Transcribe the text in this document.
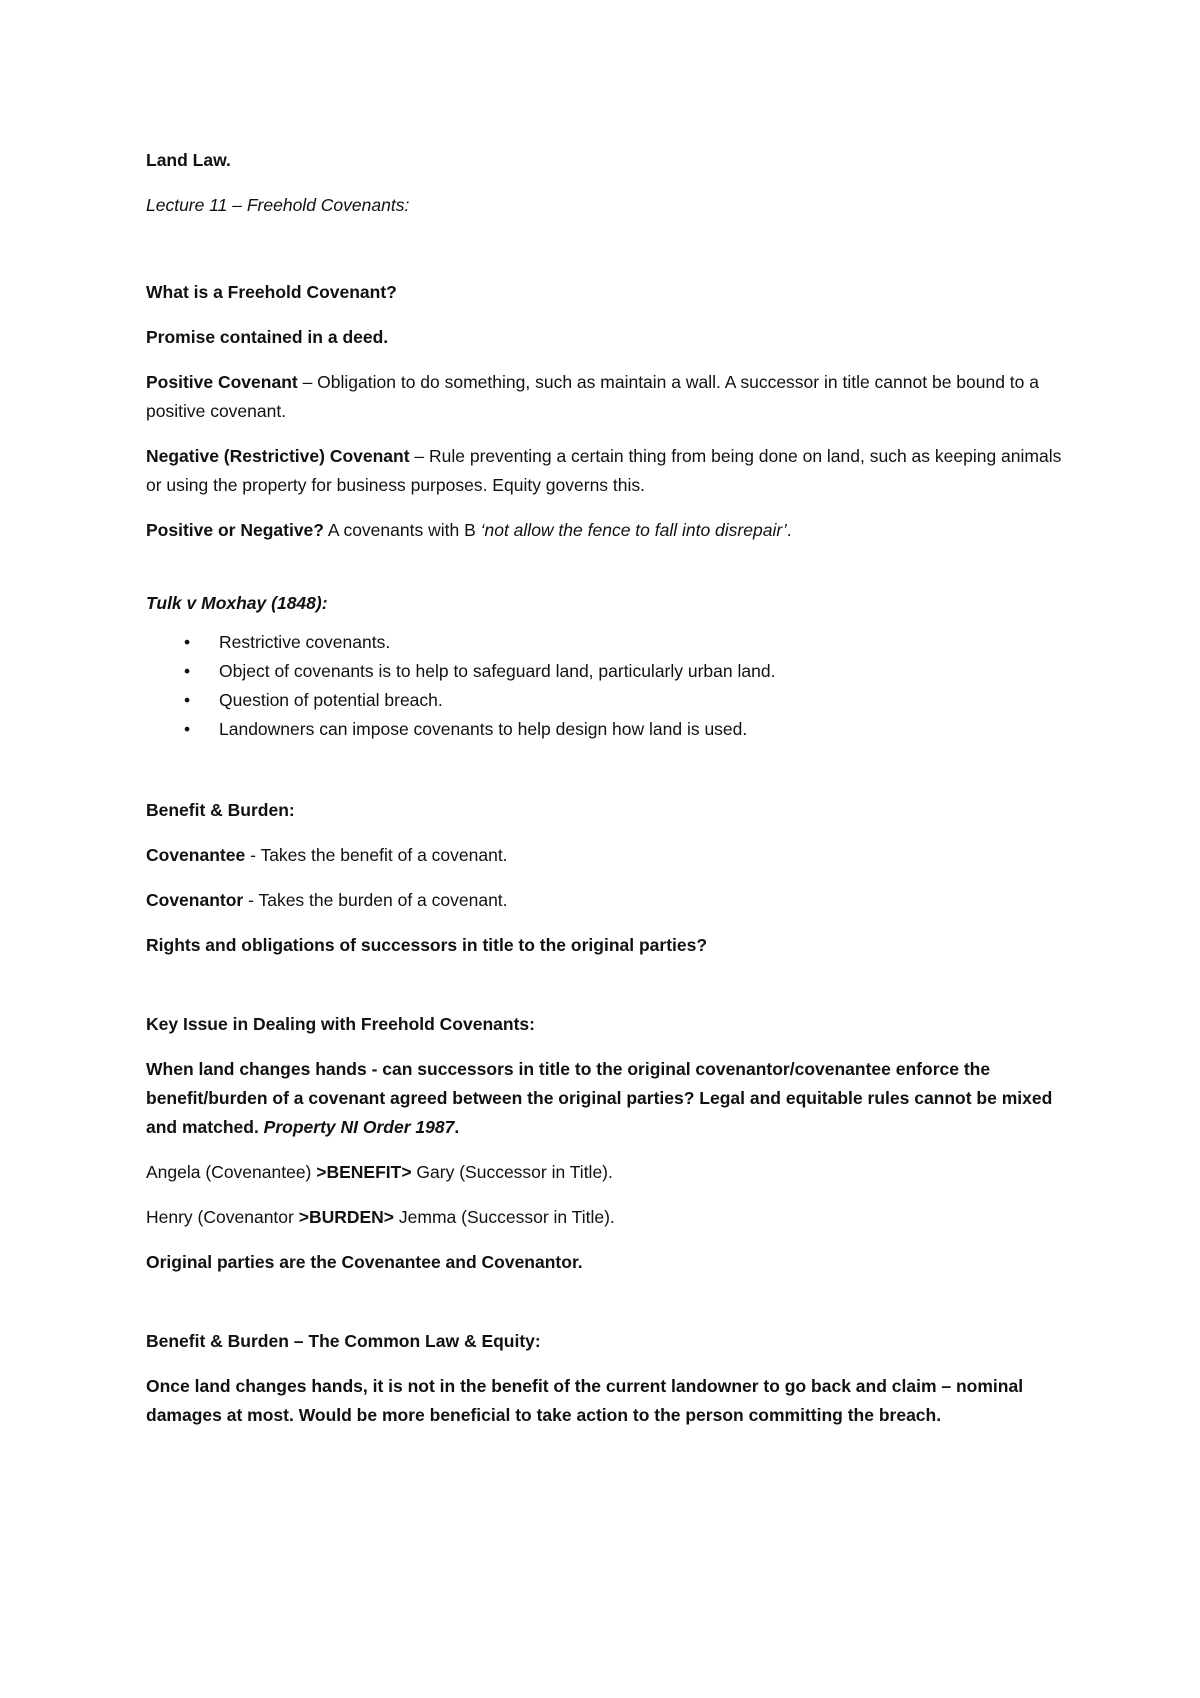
Land Law.

Lecture 11 – Freehold Covenants:

What is a Freehold Covenant?

Promise contained in a deed.

Positive Covenant – Obligation to do something, such as maintain a wall. A successor in title cannot be bound to a positive covenant.

Negative (Restrictive) Covenant – Rule preventing a certain thing from being done on land, such as keeping animals or using the property for business purposes. Equity governs this.

Positive or Negative? A covenants with B ‘not allow the fence to fall into disrepair’.

Tulk v Moxhay (1848):

• Restrictive covenants.
• Object of covenants is to help to safeguard land, particularly urban land.
• Question of potential breach.
• Landowners can impose covenants to help design how land is used.

Benefit & Burden:

Covenantee - Takes the benefit of a covenant.

Covenantor - Takes the burden of a covenant.

Rights and obligations of successors in title to the original parties?

Key Issue in Dealing with Freehold Covenants:

When land changes hands - can successors in title to the original covenantor/covenantee enforce the benefit/burden of a covenant agreed between the original parties? Legal and equitable rules cannot be mixed and matched. Property NI Order 1987.

Angela (Covenantee) >BENEFIT> Gary (Successor in Title).

Henry (Covenantor >BURDEN> Jemma (Successor in Title).

Original parties are the Covenantee and Covenantor.

Benefit & Burden – The Common Law & Equity:

Once land changes hands, it is not in the benefit of the current landowner to go back and claim – nominal damages at most. Would be more beneficial to take action to the person committing the breach.
